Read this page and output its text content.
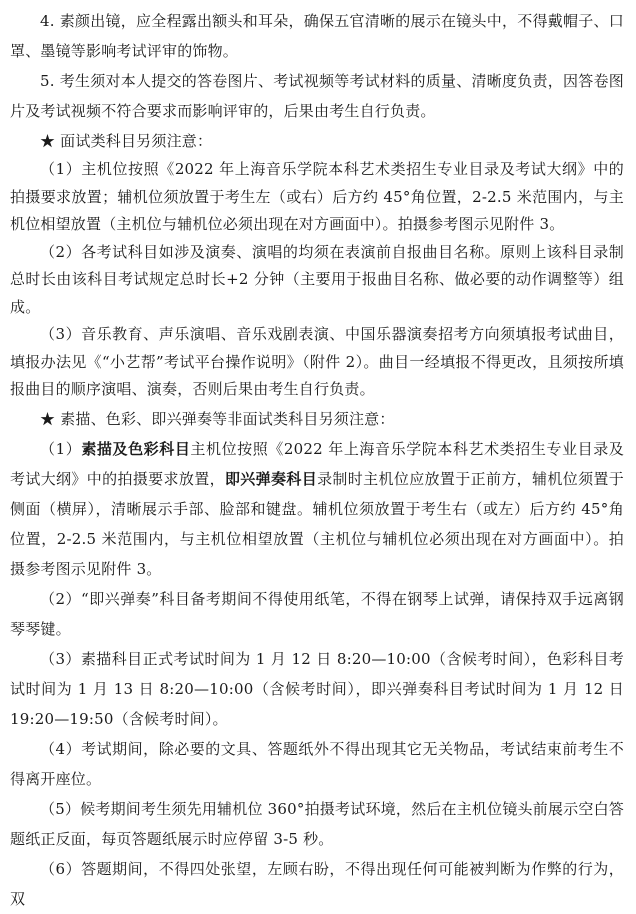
4. 素颜出镜，应全程露出额头和耳朵，确保五官清晰的展示在镜头中，不得戴帽子、口罩、墨镜等影响考试评审的饰物。

5. 考生须对本人提交的答卷图片、考试视频等考试材料的质量、清晰度负责，因答卷图片及考试视频不符合要求而影响评审的，后果由考生自行负责。

★ 面试类科目另须注意：

（1）主机位按照《2022 年上海音乐学院本科艺术类招生专业目录及考试大纲》中的拍摄要求放置；辅机位须放置于考生左（或右）后方约 45°角位置，2-2.5 米范围内，与主机位相望放置（主机位与辅机位必须出现在对方画面中）。拍摄参考图示见附件 3。

（2）各考试科目如涉及演奏、演唱的均须在表演前自报曲目名称。原则上该科目录制总时长由该科目考试规定总时长+2 分钟（主要用于报曲目名称、做必要的动作调整等）组成。

（3）音乐教育、声乐演唱、音乐戏剧表演、中国乐器演奏招考方向须填报考试曲目，填报办法见《“小艺帮”考试平台操作说明》（附件 2）。曲目一经填报不得更改，且须按所填报曲目的顺序演唱、演奏，否则后果由考生自行负责。

★ 素描、色彩、即兴弹奏等非面试类科目另须注意：

（1）素描及色彩科目主机位按照《2022 年上海音乐学院本科艺术类招生专业目录及考试大纲》中的拍摄要求放置，即兴弹奏科目录制时主机位应放置于正前方，辅机位须置于侧面（横屏），清晰展示手部、脸部和键盘。辅机位须放置于考生右（或左）后方约 45°角位置，2-2.5 米范围内，与主机位相望放置（主机位与辅机位必须出现在对方画面中）。拍摄参考图示见附件 3。

（2）“即兴弹奏”科目备考期间不得使用纸笔，不得在钢琴上试弹，请保持双手远离钢琴琴键。

（3）素描科目正式考试时间为 1 月 12 日 8:20—10:00（含候考时间），色彩科目考试时间为 1 月 13 日 8:20—10:00（含候考时间），即兴弹奏科目考试时间为 1 月 12 日 19:20—19:50（含候考时间）。

（4）考试期间，除必要的文具、答题纸外不得出现其它无关物品，考试结束前考生不得离开座位。

（5）候考期间考生须先用辅机位 360°拍摄考试环境，然后在主机位镜头前展示空白答题纸正反面，每页答题纸展示时应停留 3-5 秒。

（6）答题期间，不得四处张望，左顾右盼，不得出现任何可能被判断为作弊的行为，双
